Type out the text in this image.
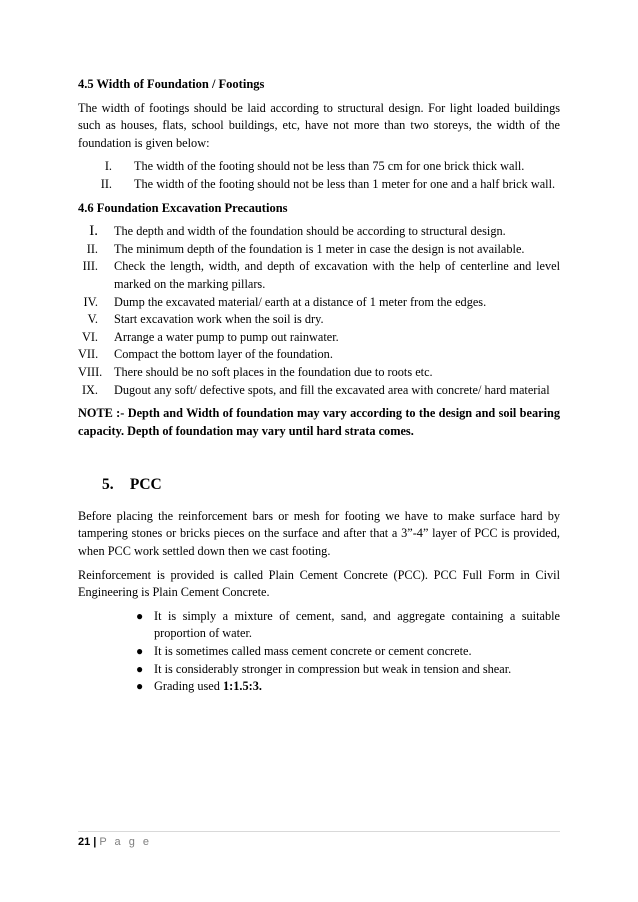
4.5 Width of Foundation / Footings

The width of footings should be laid according to structural design. For light loaded buildings such as houses, flats, school buildings, etc, have not more than two storeys, the width of the foundation is given below:

I.	The width of the footing should not be less than 75 cm for one brick thick wall.
II.	The width of the footing should not be less than 1 meter for one and a half brick wall.
4.6 Foundation Excavation Precautions
I.	The depth and width of the foundation should be according to structural design.
II.	The minimum depth of the foundation is 1 meter in case the design is not available.
III.	Check the length, width, and depth of excavation with the help of centerline and level marked on the marking pillars.
IV.	Dump the excavated material/ earth at a distance of 1 meter from the edges.
V.	Start excavation work when the soil is dry.
VI.	Arrange a water pump to pump out rainwater.
VII.	Compact the bottom layer of the foundation.
VIII. There should be no soft places in the foundation due to roots etc.
IX.	Dugout any soft/ defective spots, and fill the excavated area with concrete/ hard material

NOTE :- Depth and Width of foundation may vary according to the design and soil bearing capacity. Depth of foundation may vary until hard strata comes.

5. PCC

Before placing the reinforcement bars or mesh for footing we have to make surface hard by tampering stones or bricks pieces on the surface and after that a 3”-4” layer of PCC is provided, when PCC work settled down then we cast footing.

Reinforcement is provided is called Plain Cement Concrete (PCC). PCC Full Form in Civil Engineering is Plain Cement Concrete.

● It is simply a mixture of cement, sand, and aggregate containing a suitable proportion of water.
● It is sometimes called mass cement concrete or cement concrete.
● It is considerably stronger in compression but weak in tension and shear.
● Grading used 1:1.5:3.
21 | P a g e
